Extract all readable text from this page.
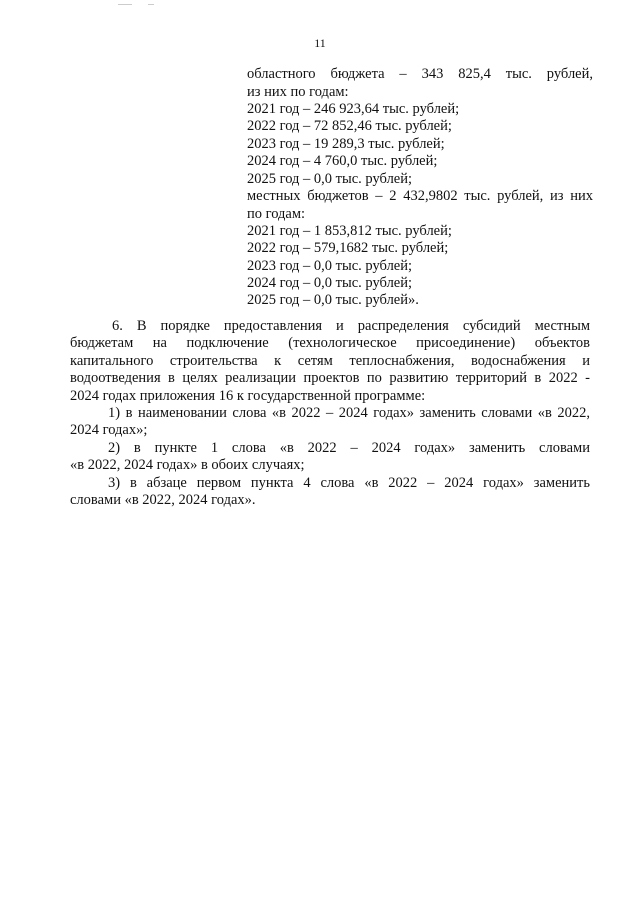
11
областного бюджета – 343 825,4 тыс. рублей,
из них по годам:
2021 год – 246 923,64 тыс. рублей;
2022 год – 72 852,46 тыс. рублей;
2023 год – 19 289,3 тыс. рублей;
2024 год – 4 760,0 тыс. рублей;
2025 год – 0,0 тыс. рублей;
местных бюджетов – 2 432,9802 тыс. рублей, из них
по годам:
2021 год – 1 853,812 тыс. рублей;
2022 год – 579,1682 тыс. рублей;
2023 год – 0,0 тыс. рублей;
2024 год – 0,0 тыс. рублей;
2025 год – 0,0 тыс. рублей».
6. В порядке предоставления и распределения субсидий местным
бюджетам на подключение (технологическое присоединение) объектов
капитального строительства к сетям теплоснабжения, водоснабжения и
водоотведения в целях реализации проектов по развитию территорий в 2022 -
2024 годах приложения 16 к государственной программе:
1) в наименовании слова «в 2022 – 2024 годах» заменить словами «в 2022,
2024 годах»;
2) в пункте 1 слова «в 2022 – 2024 годах» заменить словами
«в 2022, 2024 годах» в обоих случаях;
3) в абзаце первом пункта 4 слова «в 2022 – 2024 годах» заменить
словами «в 2022, 2024 годах».
